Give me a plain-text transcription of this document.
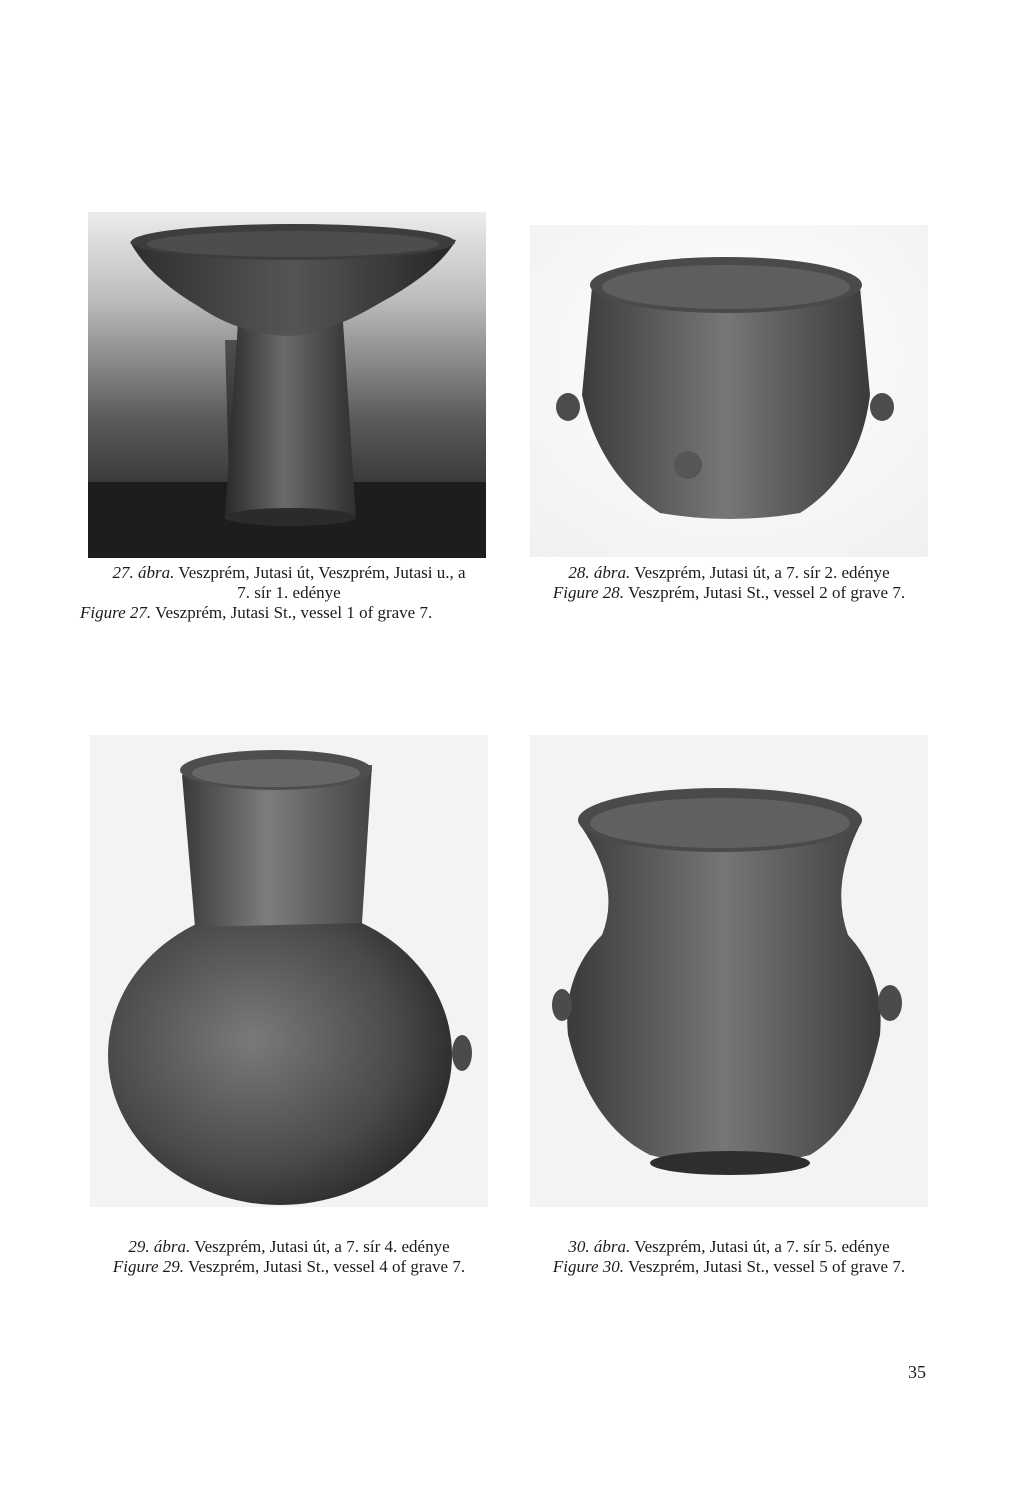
27. ábra. Veszprém, Jutasi út, Veszprém, Jutasi u., a
7. sír 1. edénye
Figure 27. Veszprém, Jutasi St., vessel 1 of grave 7.
28. ábra. Veszprém, Jutasi út, a 7. sír 2. edénye
Figure 28. Veszprém, Jutasi St., vessel 2 of grave 7.
29. ábra. Veszprém, Jutasi út, a 7. sír 4. edénye
Figure 29. Veszprém, Jutasi St., vessel 4 of grave 7.
30. ábra. Veszprém, Jutasi út, a 7. sír 5. edénye
Figure 30. Veszprém, Jutasi St., vessel 5 of grave 7.
35
